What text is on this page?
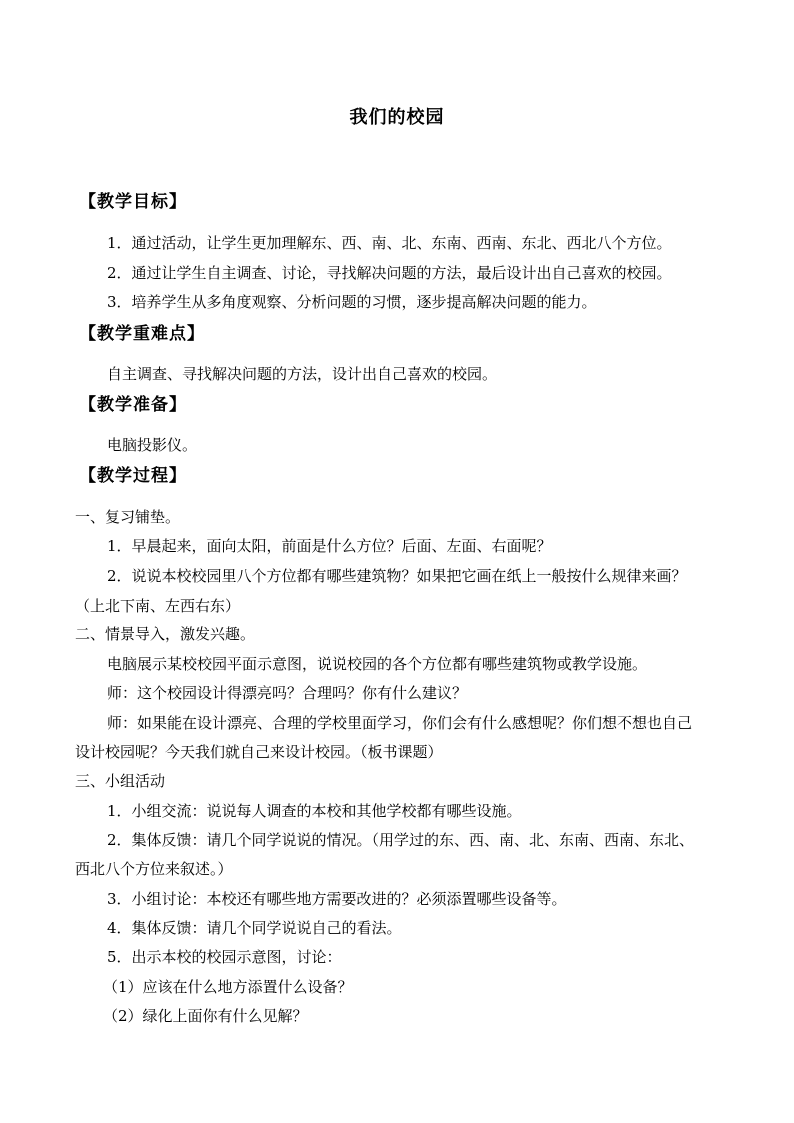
我们的校园
【教学目标】
1．通过活动，让学生更加理解东、西、南、北、东南、西南、东北、西北八个方位。
2．通过让学生自主调查、讨论，寻找解决问题的方法，最后设计出自己喜欢的校园。
3．培养学生从多角度观察、分析问题的习惯，逐步提高解决问题的能力。
【教学重难点】
自主调查、寻找解决问题的方法，设计出自己喜欢的校园。
【教学准备】
电脑投影仪。
【教学过程】
一、复习铺垫。
1．早晨起来，面向太阳，前面是什么方位？后面、左面、右面呢？
2．说说本校校园里八个方位都有哪些建筑物？如果把它画在纸上一般按什么规律来画？
（上北下南、左西右东）
二、情景导入，激发兴趣。
电脑展示某校校园平面示意图，说说校园的各个方位都有哪些建筑物或教学设施。
师：这个校园设计得漂亮吗？合理吗？你有什么建议？
师：如果能在设计漂亮、合理的学校里面学习，你们会有什么感想呢？你们想不想也自己
设计校园呢？今天我们就自己来设计校园。（板书课题）
三、小组活动
1．小组交流：说说每人调查的本校和其他学校都有哪些设施。
2．集体反馈：请几个同学说说的情况。（用学过的东、西、南、北、东南、西南、东北、
西北八个方位来叙述。）
3．小组讨论：本校还有哪些地方需要改进的？必须添置哪些设备等。
4．集体反馈：请几个同学说说自己的看法。
5．出示本校的校园示意图，讨论：
（1）应该在什么地方添置什么设备？
（2）绿化上面你有什么见解？
